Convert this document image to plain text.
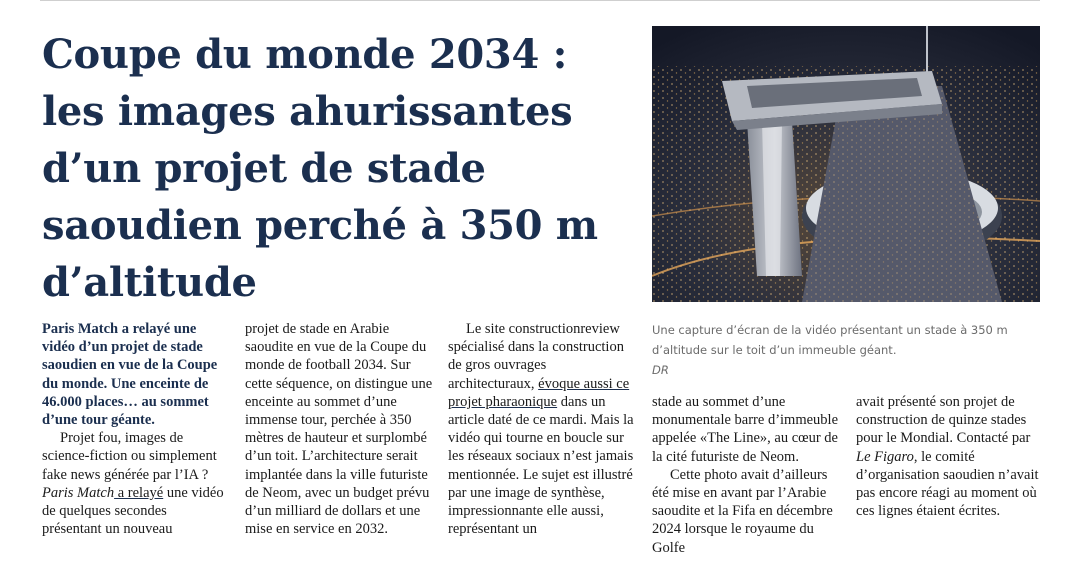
Coupe du monde 2034 : les images ahurissantes d’un projet de stade saoudien perché à 350 m d’altitude
Une capture d’écran de la vidéo présentant un stade à 350 m d’altitude sur le toit d’un immeuble géant.
DR

Paris Match a relayé une vidéo d’un projet de stade saoudien en vue de la Coupe du monde. Une enceinte de 46.000 places… au sommet d’une tour géante.

Projet fou, images de science-fiction ou simplement fake news générée par l’IA ? Paris Match a relayé une vidéo de quelques secondes présentant un nouveau

projet de stade en Arabie saoudite en vue de la Coupe du monde de football 2034. Sur cette séquence, on distingue une enceinte au sommet d’une immense tour, perchée à 350 mètres de hauteur et surplombé d’un toit. L’architecture serait implantée dans la ville futuriste de Neom, avec un budget prévu d’un milliard de dollars et une mise en service en 2032.

Le site constructionreview spécialisé dans la construction de gros ouvrages architecturaux, évoque aussi ce projet pharaonique dans un article daté de ce mardi. Mais la vidéo qui tourne en boucle sur les réseaux sociaux n’est jamais mentionnée. Le sujet est illustré par une image de synthèse, impressionnante elle aussi, représentant un

stade au sommet d’une monumentale barre d’immeuble appelée «The Line», au cœur de la cité futuriste de Neom.

Cette photo avait d’ailleurs été mise en avant par l’Arabie saoudite et la Fifa en décembre 2024 lorsque le royaume du Golfe

avait présenté son projet de construction de quinze stades pour le Mondial. Contacté par Le Figaro, le comité d’organisation saoudien n’avait pas encore réagi au moment où ces lignes étaient écrites.
